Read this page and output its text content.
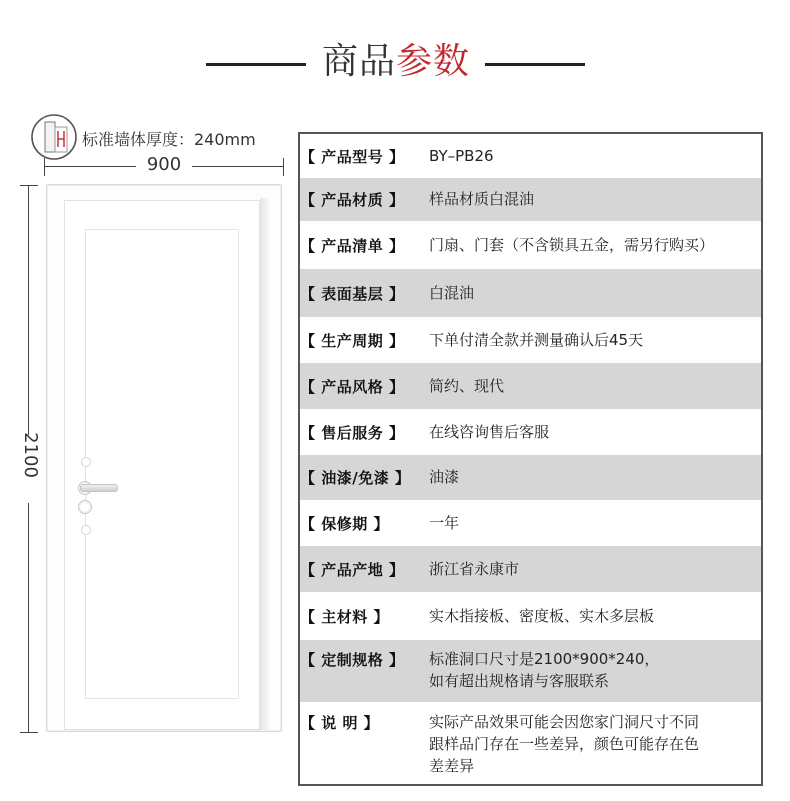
商品参数
标准墙体厚度：240mm
900
2100
【 产品型号 】	BY–PB26
【 产品材质 】	样品材质白混油
【 产品清单 】	门扇、门套（不含锁具五金，需另行购买）
【 表面基层 】	白混油
【 生产周期 】	下单付清全款并测量确认后45天
【 产品风格 】	简约、现代
【 售后服务 】	在线咨询售后客服
【 油漆/免漆 】	油漆
【 保修期 】	一年
【 产品产地 】	浙江省永康市
【 主材料 】	实木指接板、密度板、实木多层板
【 定制规格 】	标准洞口尺寸是2100*900*240，
如有超出规格请与客服联系
【 说 明 】	实际产品效果可能会因您家门洞尺寸不同
跟样品门存在一些差异，颜色可能存在色
差差异
